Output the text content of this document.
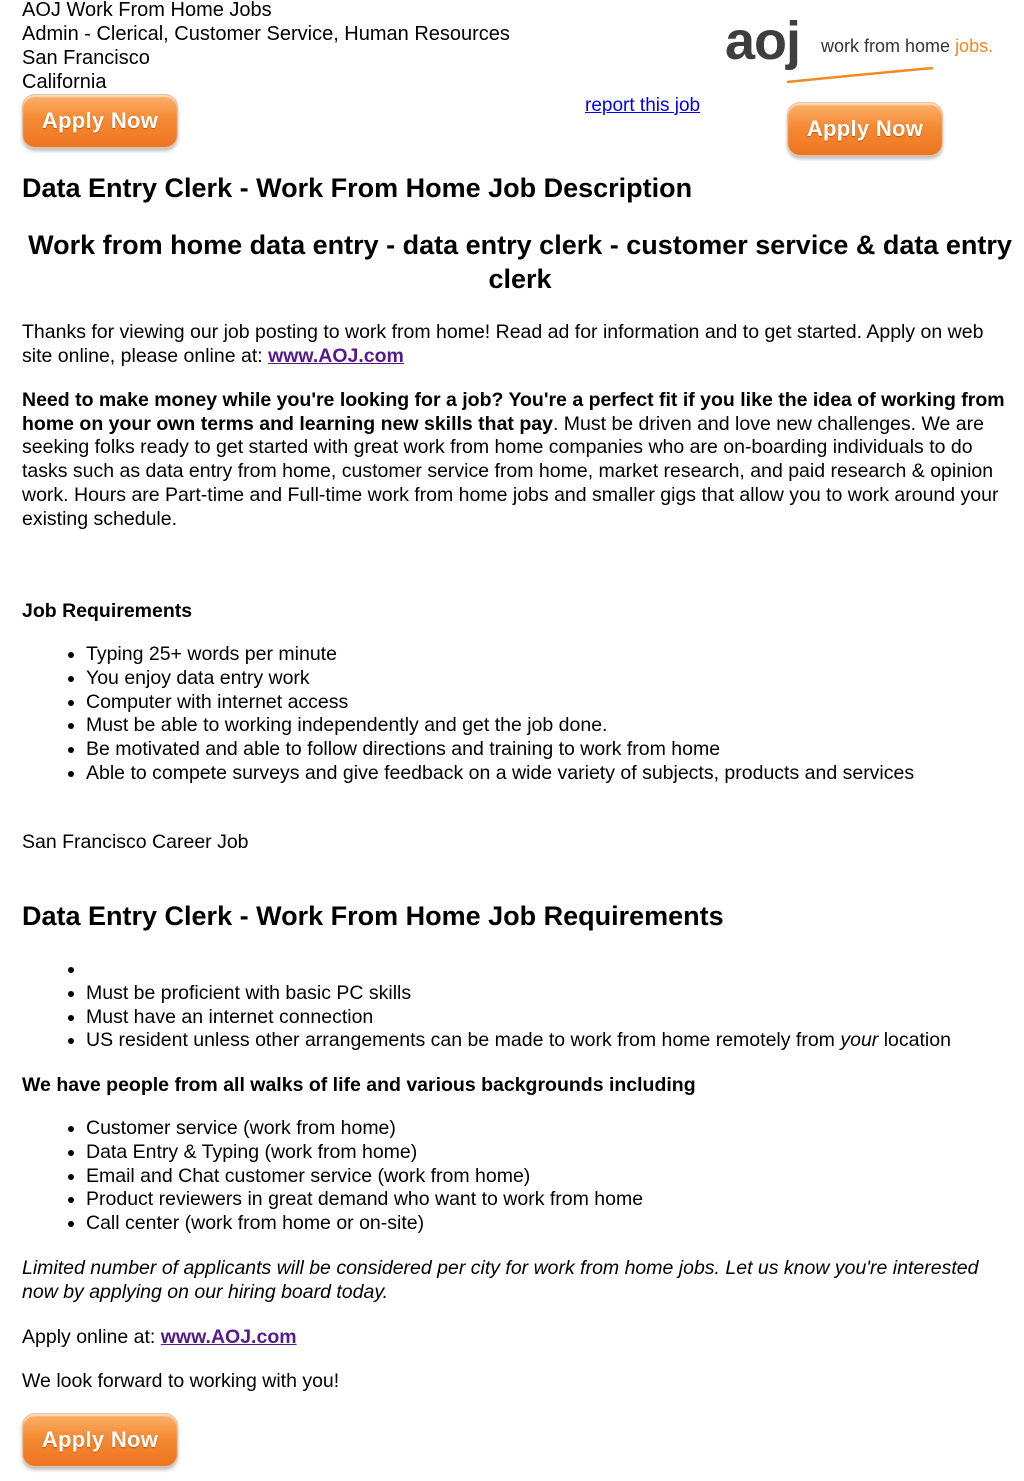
AOJ Work From Home Jobs
Admin - Clerical, Customer Service, Human Resources
San Francisco
California
aoj work from home jobs.
Apply Now
report this job
Apply Now
Data Entry Clerk - Work From Home Job Description
Work from home data entry - data entry clerk - customer service & data entry clerk

Thanks for viewing our job posting to work from home! Read ad for information and to get started. Apply on web site online, please online at: www.AOJ.com

Need to make money while you're looking for a job? You're a perfect fit if you like the idea of working from home on your own terms and learning new skills that pay. Must be driven and love new challenges. We are seeking folks ready to get started with great work from home companies who are on-boarding individuals to do tasks such as data entry from home, customer service from home, market research, and paid research & opinion work. Hours are Part-time and Full-time work from home jobs and smaller gigs that allow you to work around your existing schedule.

Job Requirements
• Typing 25+ words per minute
• You enjoy data entry work
• Computer with internet access
• Must be able to working independently and get the job done.
• Be motivated and able to follow directions and training to work from home
• Able to compete surveys and give feedback on a wide variety of subjects, products and services
San Francisco Career Job
Data Entry Clerk - Work From Home Job Requirements
•
• Must be proficient with basic PC skills
• Must have an internet connection
• US resident unless other arrangements can be made to work from home remotely from your location
We have people from all walks of life and various backgrounds including
• Customer service (work from home)
• Data Entry & Typing (work from home)
• Email and Chat customer service (work from home)
• Product reviewers in great demand who want to work from home
• Call center (work from home or on-site)

Limited number of applicants will be considered per city for work from home jobs. Let us know you're interested now by applying on our hiring board today.

Apply online at: www.AOJ.com
We look forward to working with you!
Apply Now
